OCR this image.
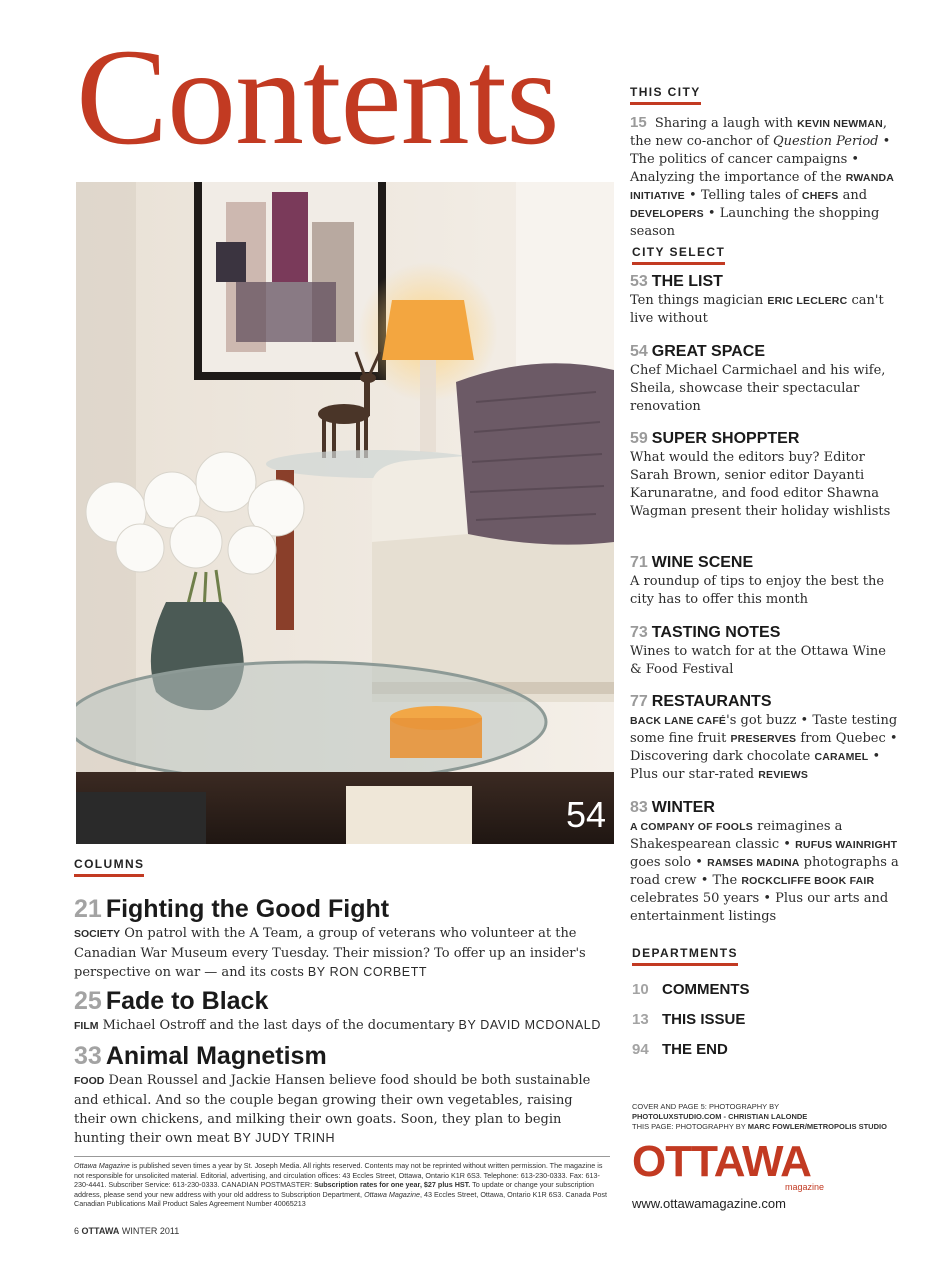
Contents
54
THIS CITY

15 Sharing a laugh with KEVIN NEWMAN, the new co-anchor of Question Period • The politics of cancer campaigns • Analyzing the importance of the RWANDA INITIATIVE • Telling tales of CHEFS and DEVELOPERS • Launching the shopping season

CITY SELECT

53 THE LIST

Ten things magician ERIC LECLERC can't live without

54 GREAT SPACE

Chef Michael Carmichael and his wife, Sheila, showcase their spectacular renovation

59 SUPER SHOPPTER

What would the editors buy? Editor Sarah Brown, senior editor Dayanti Karunaratne, and food editor Shawna Wagman present their holiday wishlists

71 WINE SCENE

A roundup of tips to enjoy the best the city has to offer this month

73 TASTING NOTES

Wines to watch for at the Ottawa Wine & Food Festival

77 RESTAURANTS

BACK LANE CAFÉ's got buzz • Taste testing some fine fruit PRESERVES from Quebec • Discovering dark chocolate CARAMEL • Plus our star-rated REVIEWS

83 WINTER

A COMPANY OF FOOLS reimagines a Shakespearean classic • RUFUS WAINRIGHT goes solo • RAMSES MADINA photographs a road crew • The ROCKCLIFFE BOOK FAIR celebrates 50 years • Plus our arts and entertainment listings

DEPARTMENTS
10 COMMENTS
13 THIS ISSUE
94 THE END
COLUMNS

21 Fighting the Good Fight

SOCIETY On patrol with the A Team, a group of veterans who volunteer at the Canadian War Museum every Tuesday. Their mission? To offer up an insider's perspective on war — and its costs BY RON CORBETT

25 Fade to Black

FILM Michael Ostroff and the last days of the documentary BY DAVID MCDONALD

33 Animal Magnetism

FOOD Dean Roussel and Jackie Hansen believe food should be both sustainable and ethical. And so the couple began growing their own vegetables, raising their own chickens, and milking their own goats. Soon, they plan to begin hunting their own meat BY JUDY TRINH

COVER AND PAGE 5: PHOTOGRAPHY BY
PHOTOLUXSTUDIO.COM - CHRISTIAN LALONDE
THIS PAGE: PHOTOGRAPHY BY MARC FOWLER/METROPOLIS STUDIO
OTTAWA
magazine
www.ottawamagazine.com
Ottawa Magazine is published seven times a year by St. Joseph Media. All rights reserved. Contents may not be reprinted without written permission. The magazine is not responsible for unsolicited material. Editorial, advertising, and circulation offices: 43 Eccles Street, Ottawa, Ontario K1R 6S3. Telephone: 613-230-0333. Fax: 613-230-4441. Subscriber Service: 613-230-0333. CANADIAN POSTMASTER: Subscription rates for one year, $27 plus HST. To update or change your subscription address, please send your new address with your old address to Subscription Department, Ottawa Magazine, 43 Eccles Street, Ottawa, Ontario K1R 6S3. Canada Post Canadian Publications Mail Product Sales Agreement Number 40065213
6 OTTAWA WINTER 2011
